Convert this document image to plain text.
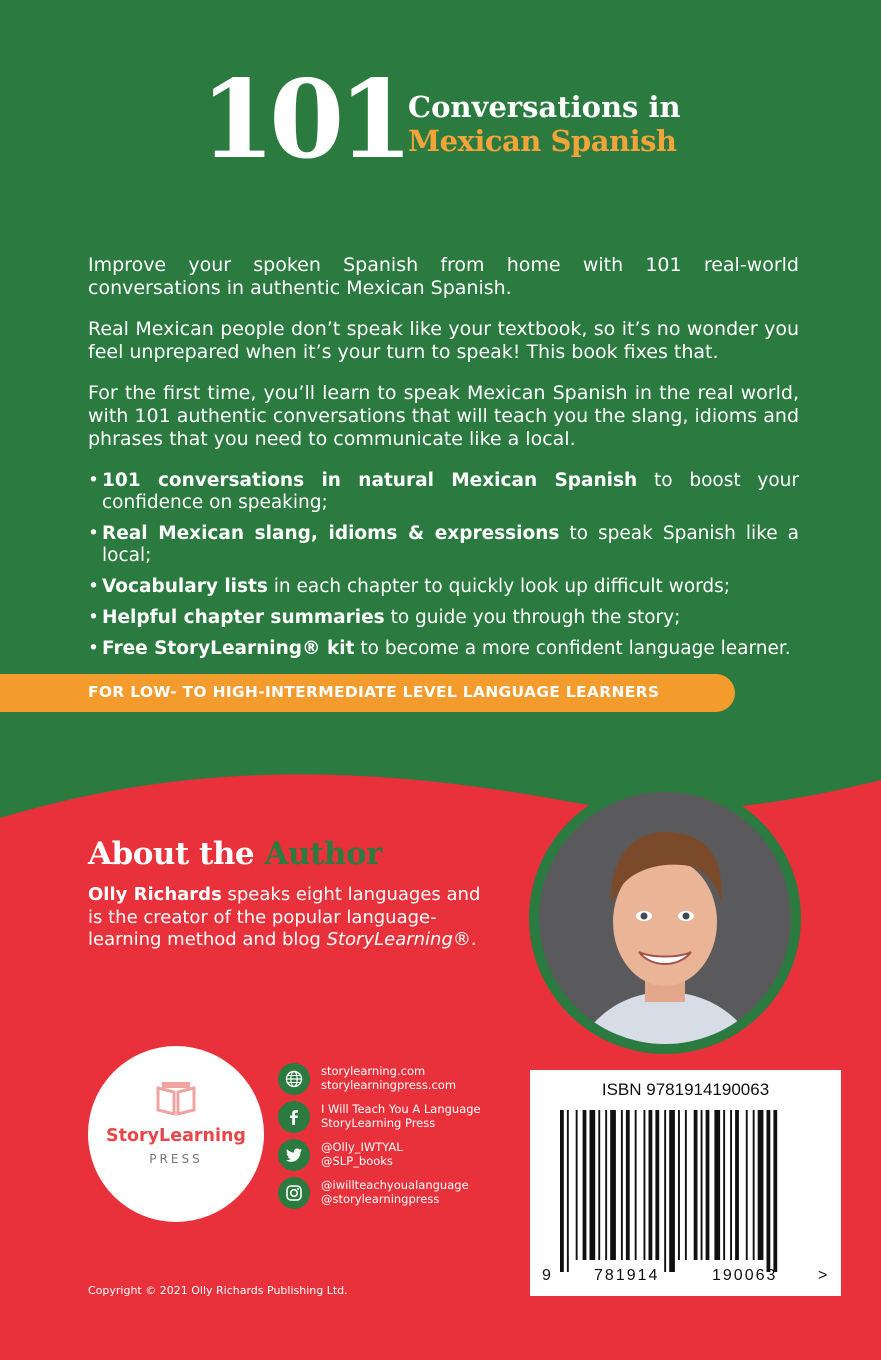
101 Conversations in
Mexican Spanish

Improve your spoken Spanish from home with 101 real-world conversations in authentic Mexican Spanish.

Real Mexican people don’t speak like your textbook, so it’s no wonder you feel unprepared when it’s your turn to speak! This book fixes that.

For the first time, you’ll learn to speak Mexican Spanish in the real world, with 101 authentic conversations that will teach you the slang, idioms and phrases that you need to communicate like a local.

• 101 conversations in natural Mexican Spanish to boost your confidence on speaking;
• Real Mexican slang, idioms & expressions to speak Spanish like a local;
• Vocabulary lists in each chapter to quickly look up difficult words;
• Helpful chapter summaries to guide you through the story;
• Free StoryLearning® kit to become a more confident language learner.
FOR LOW- TO HIGH-INTERMEDIATE LEVEL LANGUAGE LEARNERS
About the Author

Olly Richards speaks eight languages and is the creator of the popular language-learning method and blog StoryLearning®.

StoryLearning
PRESS
storylearning.com
storylearningpress.com
I Will Teach You A Language
StoryLearning Press
@Olly_IWTYAL
@SLP_books
@iwillteachyoualanguage
@storylearningpress
Copyright © 2021 Olly Richards Publishing Ltd.
ISBN 9781914190063
9	781914	190063	>
